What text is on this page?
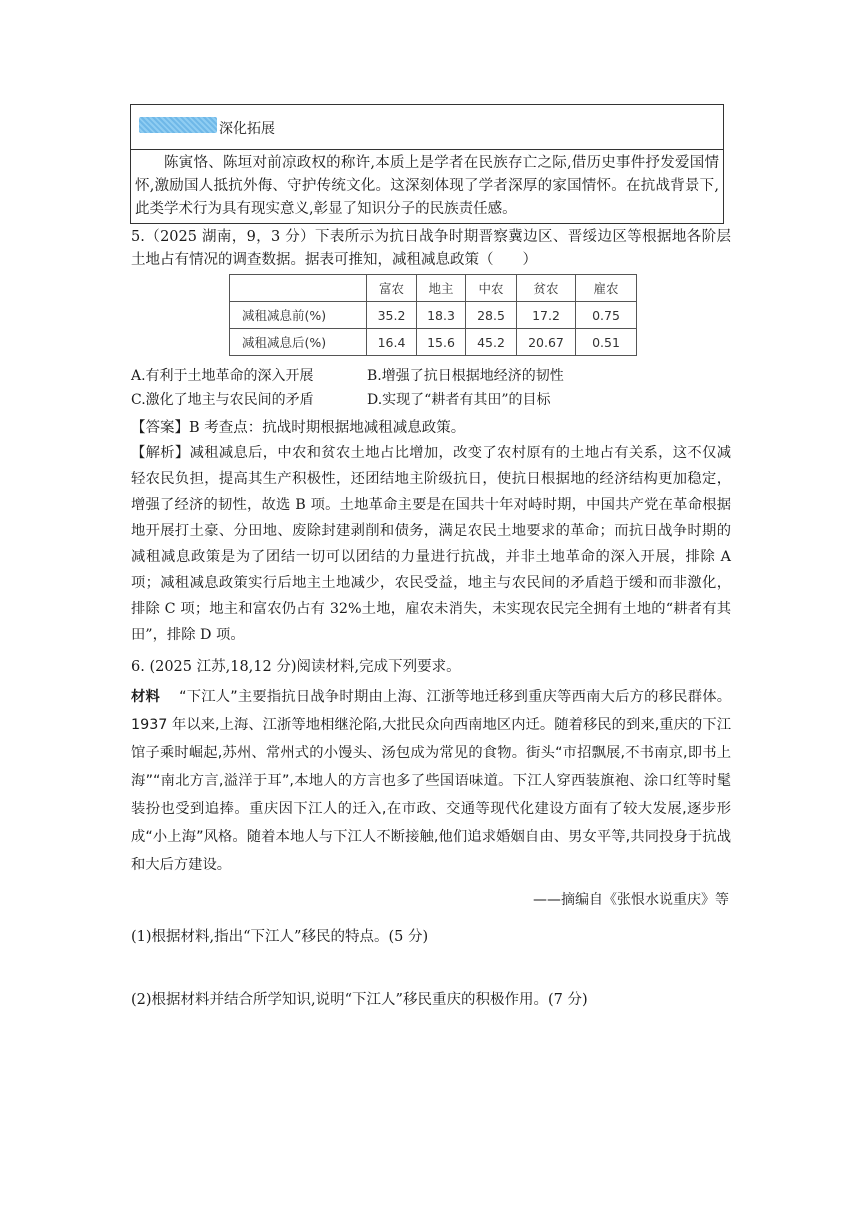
深化拓展
陈寅恪、陈垣对前凉政权的称许,本质上是学者在民族存亡之际,借历史事件抒发爱国情怀,激励国人抵抗外侮、守护传统文化。这深刻体现了学者深厚的家国情怀。在抗战背景下,此类学术行为具有现实意义,彰显了知识分子的民族责任感。
5.（2025 湖南，9，3 分）下表所示为抗日战争时期晋察冀边区、晋绥边区等根据地各阶层土地占有情况的调查数据。据表可推知，减租减息政策（　　）
	富农	地主	中农	贫农	雇农
减租减息前(%)	35.2	18.3	28.5	17.2	0.75
减租减息后(%)	16.4	15.6	45.2	20.67	0.51
A.有利于土地革命的深入开展	B.增强了抗日根据地经济的韧性
C.激化了地主与农民间的矛盾	D.实现了“耕者有其田”的目标
【答案】B 考查点：抗战时期根据地减租减息政策。
【解析】减租减息后，中农和贫农土地占比增加，改变了农村原有的土地占有关系，这不仅减轻农民负担，提高其生产积极性，还团结地主阶级抗日，使抗日根据地的经济结构更加稳定，增强了经济的韧性，故选 B 项。土地革命主要是在国共十年对峙时期，中国共产党在革命根据地开展打土豪、分田地、废除封建剥削和债务，满足农民土地要求的革命；而抗日战争时期的减租减息政策是为了团结一切可以团结的力量进行抗战，并非土地革命的深入开展，排除 A 项；减租减息政策实行后地主土地减少，农民受益，地主与农民间的矛盾趋于缓和而非激化，排除 C 项；地主和富农仍占有 32%土地，雇农未消失，未实现农民完全拥有土地的“耕者有其田”，排除 D 项。
6. (2025 江苏,18,12 分)阅读材料,完成下列要求。
材料 “下江人”主要指抗日战争时期由上海、江浙等地迁移到重庆等西南大后方的移民群体。1937 年以来,上海、江浙等地相继沦陷,大批民众向西南地区内迁。随着移民的到来,重庆的下江馆子乘时崛起,苏州、常州式的小馒头、汤包成为常见的食物。街头“市招飘展,不书南京,即书上海”“南北方言,溢洋于耳”,本地人的方言也多了些国语味道。下江人穿西装旗袍、涂口红等时髦装扮也受到追捧。重庆因下江人的迁入,在市政、交通等现代化建设方面有了较大发展,逐步形成“小上海”风格。随着本地人与下江人不断接触,他们追求婚姻自由、男女平等,共同投身于抗战和大后方建设。
——摘编自《张恨水说重庆》等
(1)根据材料,指出“下江人”移民的特点。(5 分)
(2)根据材料并结合所学知识,说明“下江人”移民重庆的积极作用。(7 分)
